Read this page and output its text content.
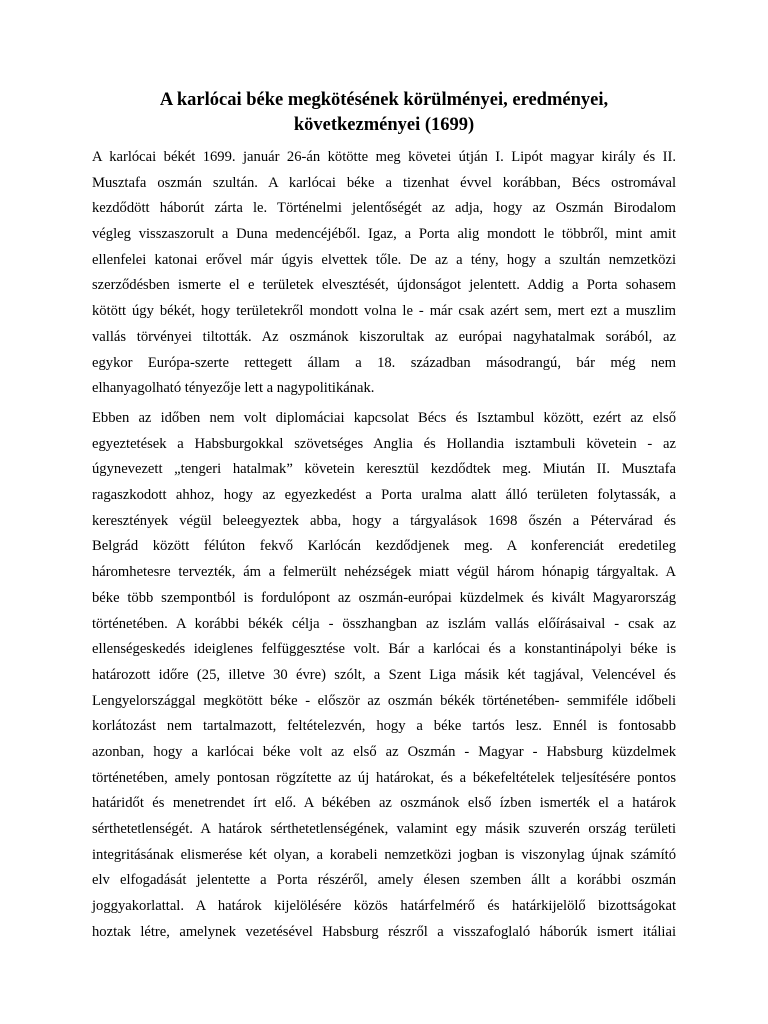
A karlócai béke megkötésének körülményei, eredményei,
következményei (1699)
A karlócai békét 1699. január 26-án kötötte meg követei útján I. Lipót magyar király és II.
Musztafa oszmán szultán. A karlócai béke a tizenhat évvel korábban, Bécs ostromával
kezdődött háborút zárta le. Történelmi jelentőségét az adja, hogy az Oszmán Birodalom
végleg visszaszorult a Duna medencéjéből. Igaz, a Porta alig mondott le többről, mint amit
ellenfelei katonai erővel már úgyis elvettek tőle. De az a tény, hogy a szultán nemzetközi
szerződésben ismerte el e területek elvesztését, újdonságot jelentett. Addig a Porta sohasem
kötött úgy békét, hogy területekről mondott volna le - már csak azért sem, mert ezt a muszlim
vallás törvényei tiltották. Az oszmánok kiszorultak az európai nagyhatalmak sorából, az
egykor Európa-szerte rettegett állam a 18. században másodrangú, bár még nem
elhanyagolható tényezője lett a nagypolitikának.
Ebben az időben nem volt diplomáciai kapcsolat Bécs és Isztambul között, ezért az első
egyeztetések a Habsburgokkal szövetséges Anglia és Hollandia isztambuli követein - az
úgynevezett „tengeri hatalmak” követein keresztül kezdődtek meg. Miután II. Musztafa
ragaszkodott ahhoz, hogy az egyezkedést a Porta uralma alatt álló területen folytassák, a
keresztények végül beleegyeztek abba, hogy a tárgyalások 1698 őszén a Pétervárad és
Belgrád között félúton fekvő Karlócán kezdődjenek meg. A konferenciát eredetileg
háromhetesre tervezték, ám a felmerült nehézségek miatt végül három hónapig tárgyaltak. A
béke több szempontból is fordulópont az oszmán-európai küzdelmek és kivált Magyarország
történetében. A korábbi békék célja - összhangban az iszlám vallás előírásaival - csak az
ellenségeskedés ideiglenes felfüggesztése volt. Bár a karlócai és a konstantinápolyi béke is
határozott időre (25, illetve 30 évre) szólt, a Szent Liga másik két tagjával, Velencével és
Lengyelországgal megkötött béke - először az oszmán békék történetében- semmiféle időbeli
korlátozást nem tartalmazott, feltételezvén, hogy a béke tartós lesz. Ennél is fontosabb
azonban, hogy a karlócai béke volt az első az Oszmán - Magyar - Habsburg küzdelmek
történetében, amely pontosan rögzítette az új határokat, és a békefeltételek teljesítésére pontos
határidőt és menetrendet írt elő. A békében az oszmánok első ízben ismerték el a határok
sérthetetlenségét. A határok sérthetetlenségének, valamint egy másik szuverén ország területi
integritásának elismerése két olyan, a korabeli nemzetközi jogban is viszonylag újnak számító
elv elfogadását jelentette a Porta részéről, amely élesen szemben állt a korábbi oszmán
joggyakorlattal. A határok kijelölésére közös határfelmérő és határkijelölő bizottságokat
hoztak létre, amelynek vezetésével Habsburg részről a visszafoglaló háborúk ismert itáliai
